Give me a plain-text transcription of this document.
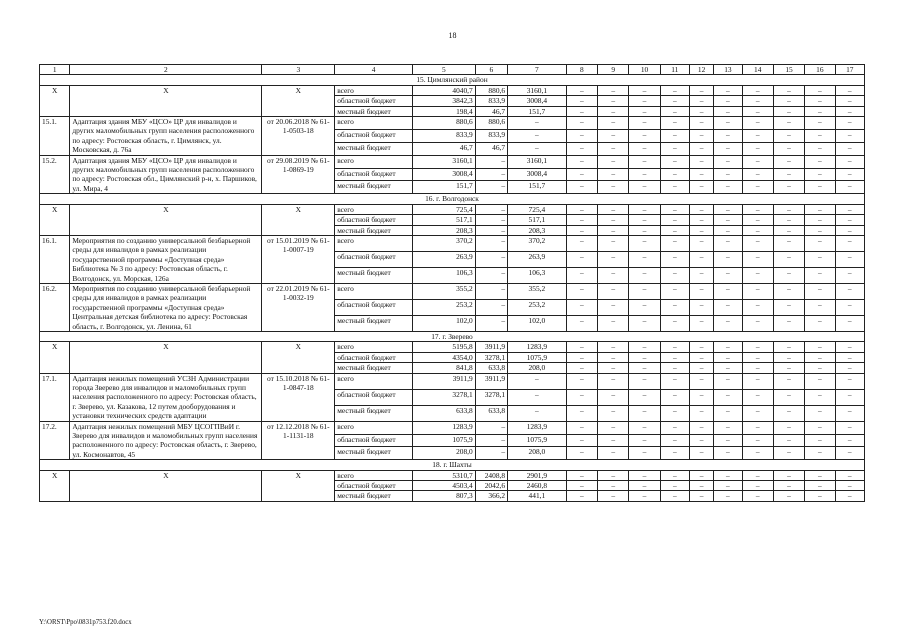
18
1	2	3	4	5	6	7	8	9	10	11	12	13	14	15	16	17
15. Цимлянский район																
X	X	X	всего	4040,7	880,6	3160,1	–	–	–	–	–	–	–	–	–	–
			областной бюджет	3842,3	833,9	3008,4	–	–	–	–	–	–	–	–	–	–
			местный бюджет	198,4	46,7	151,7	–	–	–	–	–	–	–	–	–	–
15.1.	Адаптация здания МБУ «ЦСО» ЦР для инвалидов и других маломобильных групп населения расположенного по адресу: Ростовская область, г. Цимлянск, ул. Московская, д. 76а	от 20.06.2018 № 61-1-0503-18	всего	880,6	880,6	–	–	–	–	–	–	–	–	–	–	–
			областной бюджет	833,9	833,9	–	–	–	–	–	–	–	–	–	–	–
			местный бюджет	46,7	46,7	–	–	–	–	–	–	–	–	–	–	–
15.2.	Адаптация здания МБУ «ЦСО» ЦР для инвалидов и других маломобильных групп населения расположенного по адресу: Ростовская обл., Цимлянский р-н, х. Паршиков, ул. Мира, 4	от 29.08.2019 № 61-1-0869-19	всего	3160,1	–	3160,1	–	–	–	–	–	–	–	–	–	–
			областной бюджет	3008,4	–	3008,4	–	–	–	–	–	–	–	–	–	–
			местный бюджет	151,7	–	151,7	–	–	–	–	–	–	–	–	–	–
16. г. Волгодонск																
X	X	X	всего	725,4	–	725,4	–	–	–	–	–	–	–	–	–	–
			областной бюджет	517,1	–	517,1	–	–	–	–	–	–	–	–	–	–
			местный бюджет	208,3	–	208,3	–	–	–	–	–	–	–	–	–	–
16.1.	Мероприятия по созданию универсальной безбарьерной среды для инвалидов в рамках реализации государственной программы «Доступная среда» Библиотека № 3 по адресу: Ростовская область, г. Волгодонск, ул. Морская, 126а	от 15.01.2019 № 61-1-0007-19	всего	370,2	–	370,2	–	–	–	–	–	–	–	–	–	–
			областной бюджет	263,9	–	263,9	–	–	–	–	–	–	–	–	–	–
			местный бюджет	106,3	–	106,3	–	–	–	–	–	–	–	–	–	–
16.2.	Мероприятия по созданию универсальной безбарьерной среды для инвалидов в рамках реализации государственной программы «Доступная среда» Центральная детская библиотека по адресу: Ростовская область, г. Волгодонск, ул. Ленина, 61	от 22.01.2019 № 61-1-0032-19	всего	355,2	–	355,2	–	–	–	–	–	–	–	–	–	–
			областной бюджет	253,2	–	253,2	–	–	–	–	–	–	–	–	–	–
			местный бюджет	102,0	–	102,0	–	–	–	–	–	–	–	–	–	–
17. г. Зверево																
X	X	X	всего	5195,8	3911,9	1283,9	–	–	–	–	–	–	–	–	–	–
			областной бюджет	4354,0	3278,1	1075,9	–	–	–	–	–	–	–	–	–	–
			местный бюджет	841,8	633,8	208,0	–	–	–	–	–	–	–	–	–	–
17.1.	Адаптация нежилых помещений УСЗН Администрации города Зверево для инвалидов и маломобильных групп населения расположенного по адресу: Ростовская область, г. Зверево, ул. Казакова, 12 путем дооборудования и установки технических средств адаптации	от 15.10.2018 № 61-1-0847-18	всего	3911,9	3911,9	–	–	–	–	–	–	–	–	–	–	–
			областной бюджет	3278,1	3278,1	–	–	–	–	–	–	–	–	–	–	–
			местный бюджет	633,8	633,8	–	–	–	–	–	–	–	–	–	–	–
17.2.	Адаптация нежилых помещений МБУ ЦСОГПВиИ г. Зверево для инвалидов и маломобильных групп населения расположенного по адресу: Ростовская область, г. Зверево, ул. Космонавтов, 45	от 12.12.2018 № 61-1-1131-18	всего	1283,9	–	1283,9	–	–	–	–	–	–	–	–	–	–
			областной бюджет	1075,9	–	1075,9	–	–	–	–	–	–	–	–	–	–
			местный бюджет	208,0	–	208,0	–	–	–	–	–	–	–	–	–	–
18. г. Шахты																
X	X	X	всего	5310,7	2408,8	2901,9	–	–	–	–	–	–	–	–	–	–
			областной бюджет	4503,4	2042,6	2460,8	–	–	–	–	–	–	–	–	–	–
			местный бюджет	807,3	366,2	441,1	–	–	–	–	–	–	–	–	–	–
Y:\ORST\Ppo\0831p753.f20.docx
